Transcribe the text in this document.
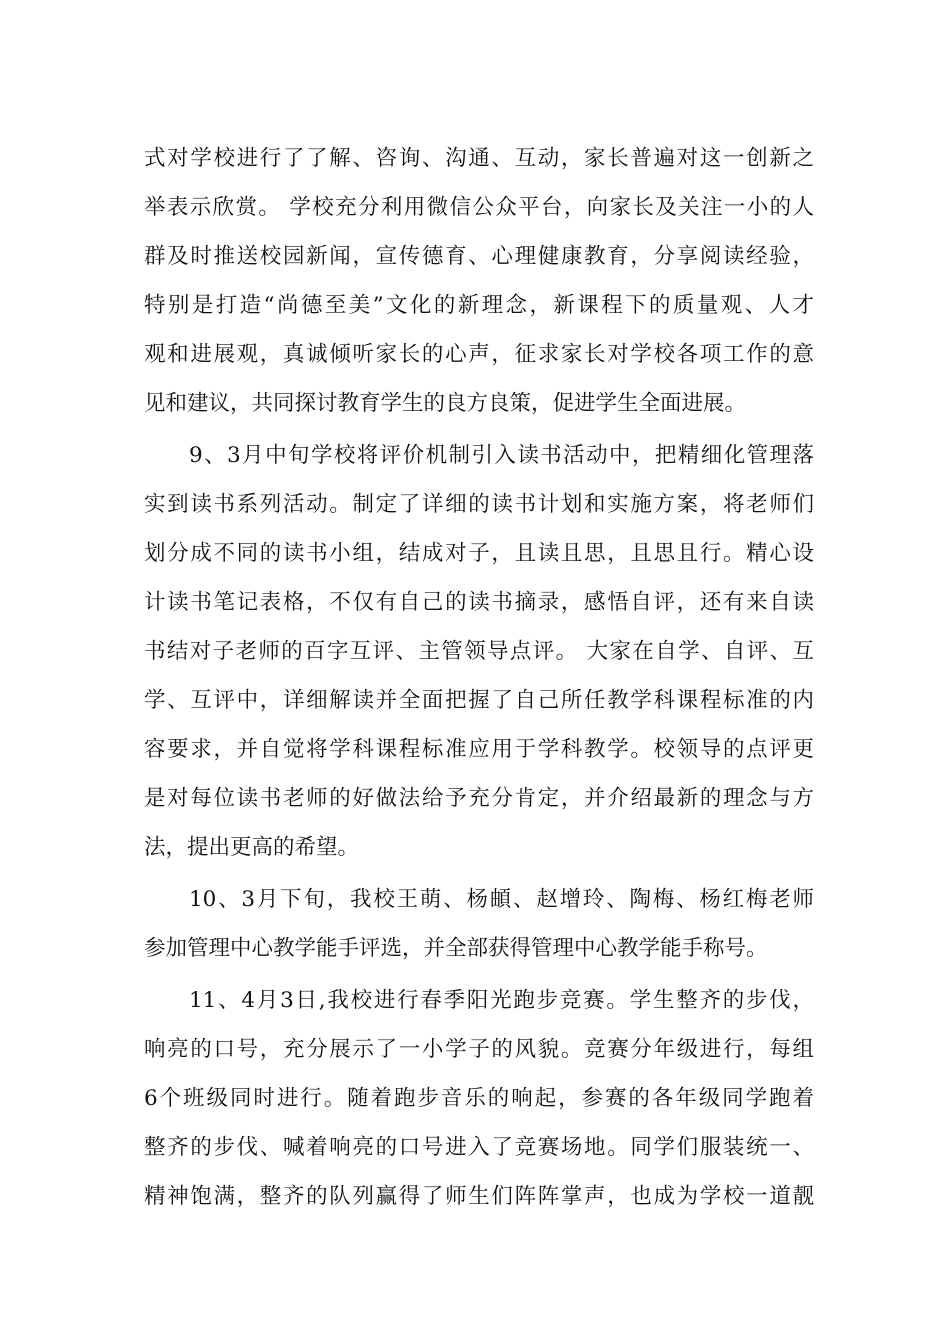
式对学校进行了了解、咨询、沟通、互动，家长普遍对这一创新之
举表示欣赏。 学校充分利用微信公众平台，向家长及关注一小的人
群及时推送校园新闻，宣传德育、心理健康教育，分享阅读经验，
特别是打造“尚德至美”文化的新理念，新课程下的质量观、人才
观和进展观，真诚倾听家长的心声，征求家长对学校各项工作的意
见和建议，共同探讨教育学生的良方良策，促进学生全面进展。
9、3月中旬学校将评价机制引入读书活动中，把精细化管理落
实到读书系列活动。制定了详细的读书计划和实施方案，将老师们
划分成不同的读书小组，结成对子，且读且思，且思且行。精心设
计读书笔记表格，不仅有自己的读书摘录，感悟自评，还有来自读
书结对子老师的百字互评、主管领导点评。 大家在自学、自评、互
学、互评中，详细解读并全面把握了自己所任教学科课程标准的内
容要求，并自觉将学科课程标准应用于学科教学。校领导的点评更
是对每位读书老师的好做法给予充分肯定，并介绍最新的理念与方
法，提出更高的希望。
10、3月下旬，我校王萌、杨頔、赵增玲、陶梅、杨红梅老师
参加管理中心教学能手评选，并全部获得管理中心教学能手称号。
11、4月3日,我校进行春季阳光跑步竞赛。学生整齐的步伐，
响亮的口号，充分展示了一小学子的风貌。竞赛分年级进行，每组
6个班级同时进行。随着跑步音乐的响起，参赛的各年级同学跑着
整齐的步伐、喊着响亮的口号进入了竞赛场地。同学们服装统一、
精神饱满，整齐的队列赢得了师生们阵阵掌声，也成为学校一道靓
